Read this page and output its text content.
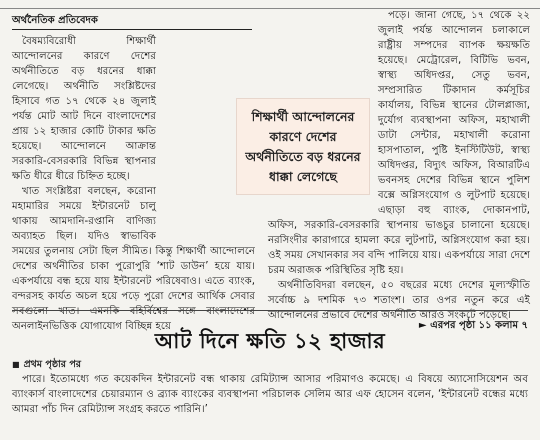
অর্থনৈতিক প্রতিবেদক

বৈষম্যবিরোধী শিক্ষার্থী আন্দোলনের কারণে দেশের অর্থনীতিতে বড় ধরনের ধাক্কা লেগেছে। অর্থনীতি সংশ্লিষ্টদের হিসাবে গত ১৭ থেকে ২৪ জুলাই পর্যন্ত মোট আট দিনে বাংলাদেশের প্রায় ১২ হাজার কোটি টাকার ক্ষতি হয়েছে। আন্দোলনে আক্রান্ত সরকারি-বেসরকারি বিভিন্ন স্থাপনার ক্ষতি ধীরে ধীরে চিহ্নিত হচ্ছে।

খাত সংশ্লিষ্টরা বলছেন, করোনা মহামারির সময়ে ইন্টারনেট চালু থাকায় আমদানি-রপ্তানি বাণিজ্য অব্যাহত ছিল। যদিও স্বাভাবিক সময়ের তুলনায় সেটা ছিল সীমিত। কিন্তু শিক্ষার্থী আন্দোলনে দেশের অর্থনীতির চাকা পুরোপুরি ‘শাট ডাউন’ হয়ে যায়। একপর্যায়ে বন্ধ হয়ে যায় ইন্টারনেট পরিষেবাও। এতে ব্যাংক, বন্দরসহ কার্যত অচল হয়ে পড়ে পুরো দেশের আর্থিক সেবার সবগুলো খাত। এমনকি বহির্বিশ্বের সঙ্গে বাংলাদেশের অনলাইনভিত্তিক যোগাযোগ বিচ্ছিন্ন হয়ে

পড়ে। জানা গেছে, ১৭ থেকে ২২ জুলাই পর্যন্ত আন্দোলন চলাকালে রাষ্ট্রীয় সম্পদের ব্যাপক ক্ষয়ক্ষতি হয়েছে। মেট্রোরেল, বিটিভি ভবন, স্বাস্থ্য অধিদপ্তর, সেতু ভবন, সম্প্রসারিত টিকাদান কর্মসূচির কার্যালয়, বিভিন্ন স্থানের টোলপ্লাজা, দুর্যোগ ব্যবস্থাপনা অফিস, মহাখালী ডাটা সেন্টার, মহাখালী করোনা হাসপাতাল, পুষ্টি ইনস্টিটিউট, স্বাস্থ্য অধিদপ্তর, বিদ্যুৎ অফিস, বিআরটিএ ভবনসহ দেশের বিভিন্ন স্থানে পুলিশ বক্সে অগ্নিসংযোগ ও লুটপাট হয়েছে। এছাড়া বহু ব্যাংক, দোকানপাট, অফিস, সরকারি-বেসরকারি স্থাপনায় ভাঙচুর চালানো হয়েছে। নরসিংদীর কারাগারে হামলা করে লুটপাট, অগ্নিসংযোগ করা হয়। ওই সময় সেখানকার সব বন্দি পালিয়ে যায়। একপর্যায়ে সারা দেশে চরম অরাজক পরিস্থিতির সৃষ্টি হয়।

অর্থনীতিবিদরা বলছেন, ৫০ বছরের মধ্যে দেশের মূল্যস্ফীতি সর্বোচ্চ ৯ দশমিক ৭৩ শতাংশ। তার ওপর নতুন করে এই আন্দোলনের প্রভাবে দেশের অর্থনীতি আরও সংকটে পড়েছে।

শিক্ষার্থী আন্দোলনের কারণে দেশের অর্থনীতিতে বড় ধরনের ধাক্কা লেগেছে
► এরপর পৃষ্ঠা ১১ কলাম ৭
আট দিনে ক্ষতি ১২ হাজার
■ প্রথম পৃষ্ঠার পর

পারে। ইতোমধ্যে গত কয়েকদিন ইন্টারনেট বন্ধ থাকায় রেমিট্যান্স আসার পরিমাণও কমেছে। এ বিষয়ে অ্যাসোসিয়েশন অব ব্যাংকার্স বাংলাদেশের চেয়ারম্যান ও ব্র্যাক ব্যাংকের ব্যবস্থাপনা পরিচালক সেলিম আর এফ হোসেন বলেন, ‘ইন্টারনেট বন্ধের মধ্যে আমরা পাঁচ দিন রেমিট্যান্স সংগ্রহ করতে পারিনি।’
